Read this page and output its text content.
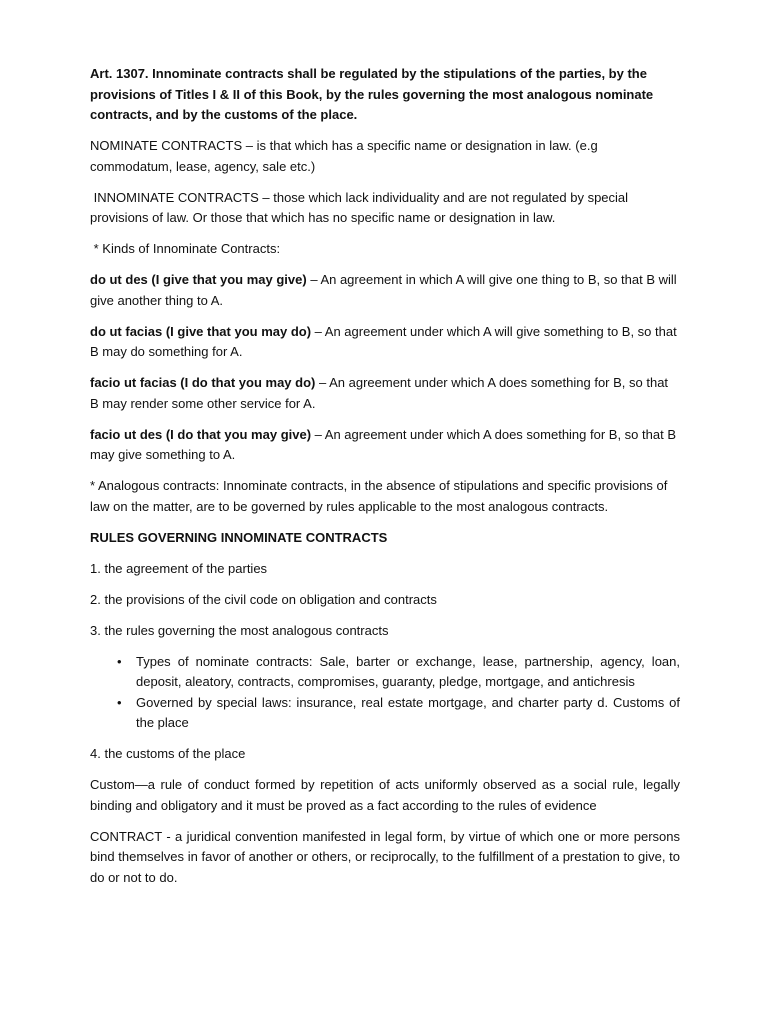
Art. 1307. Innominate contracts shall be regulated by the stipulations of the parties, by the provisions of Titles I & II of this Book, by the rules governing the most analogous nominate contracts, and by the customs of the place.

NOMINATE CONTRACTS – is that which has a specific name or designation in law. (e.g commodatum, lease, agency, sale etc.)

INNOMINATE CONTRACTS – those which lack individuality and are not regulated by special provisions of law. Or those that which has no specific name or designation in law.

* Kinds of Innominate Contracts:

do ut des (I give that you may give) – An agreement in which A will give one thing to B, so that B will give another thing to A.

do ut facias (I give that you may do) – An agreement under which A will give something to B, so that B may do something for A.

facio ut facias (I do that you may do) – An agreement under which A does something for B, so that B may render some other service for A.

facio ut des (I do that you may give) – An agreement under which A does something for B, so that B may give something to A.

* Analogous contracts: Innominate contracts, in the absence of stipulations and specific provisions of law on the matter, are to be governed by rules applicable to the most analogous contracts.

RULES GOVERNING INNOMINATE CONTRACTS

1. the agreement of the parties

2. the provisions of the civil code on obligation and contracts

3. the rules governing the most analogous contracts

• Types of nominate contracts: Sale, barter or exchange, lease, partnership, agency, loan, deposit, aleatory, contracts, compromises, guaranty, pledge, mortgage, and antichresis
• Governed by special laws: insurance, real estate mortgage, and charter party d. Customs of the place

4. the customs of the place

Custom—a rule of conduct formed by repetition of acts uniformly observed as a social rule, legally binding and obligatory and it must be proved as a fact according to the rules of evidence

CONTRACT - a juridical convention manifested in legal form, by virtue of which one or more persons bind themselves in favor of another or others, or reciprocally, to the fulfillment of a prestation to give, to do or not to do.
